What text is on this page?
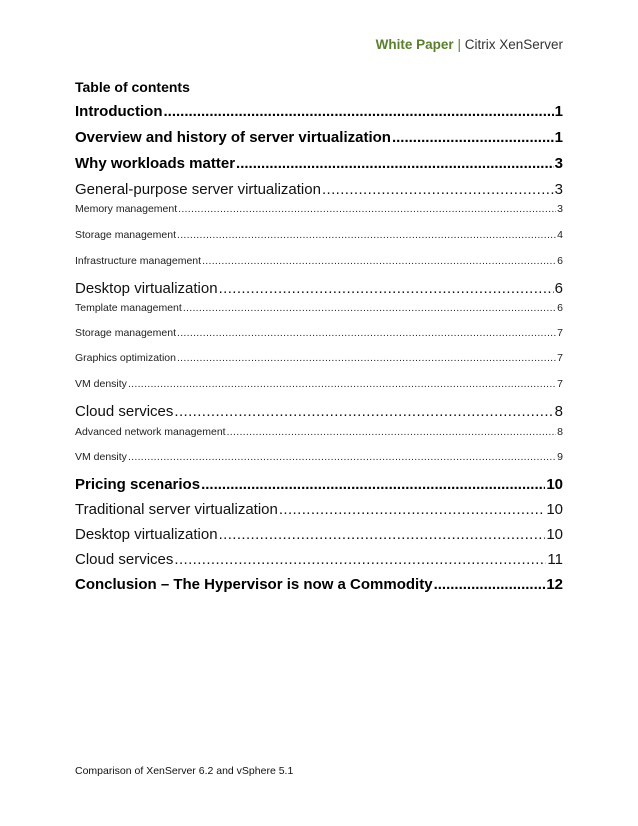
White Paper | Citrix XenServer
Table of contents
Introduction .....	1
Overview and history of server virtualization .....	1
Why workloads matter .....	3
General-purpose server virtualization .....	3
Memory management .....	3
Storage management .....	4
Infrastructure management .....	6
Desktop virtualization .....	6
Template management .....	6
Storage management .....	7
Graphics optimization .....	7
VM density .....	7
Cloud services .....	8
Advanced network management .....	8
VM density .....	9
Pricing scenarios .....	10
Traditional server virtualization .....	10
Desktop virtualization .....	10
Cloud services .....	11
Conclusion – The Hypervisor is now a Commodity .....	12
Comparison of XenServer 6.2 and vSphere 5.1
